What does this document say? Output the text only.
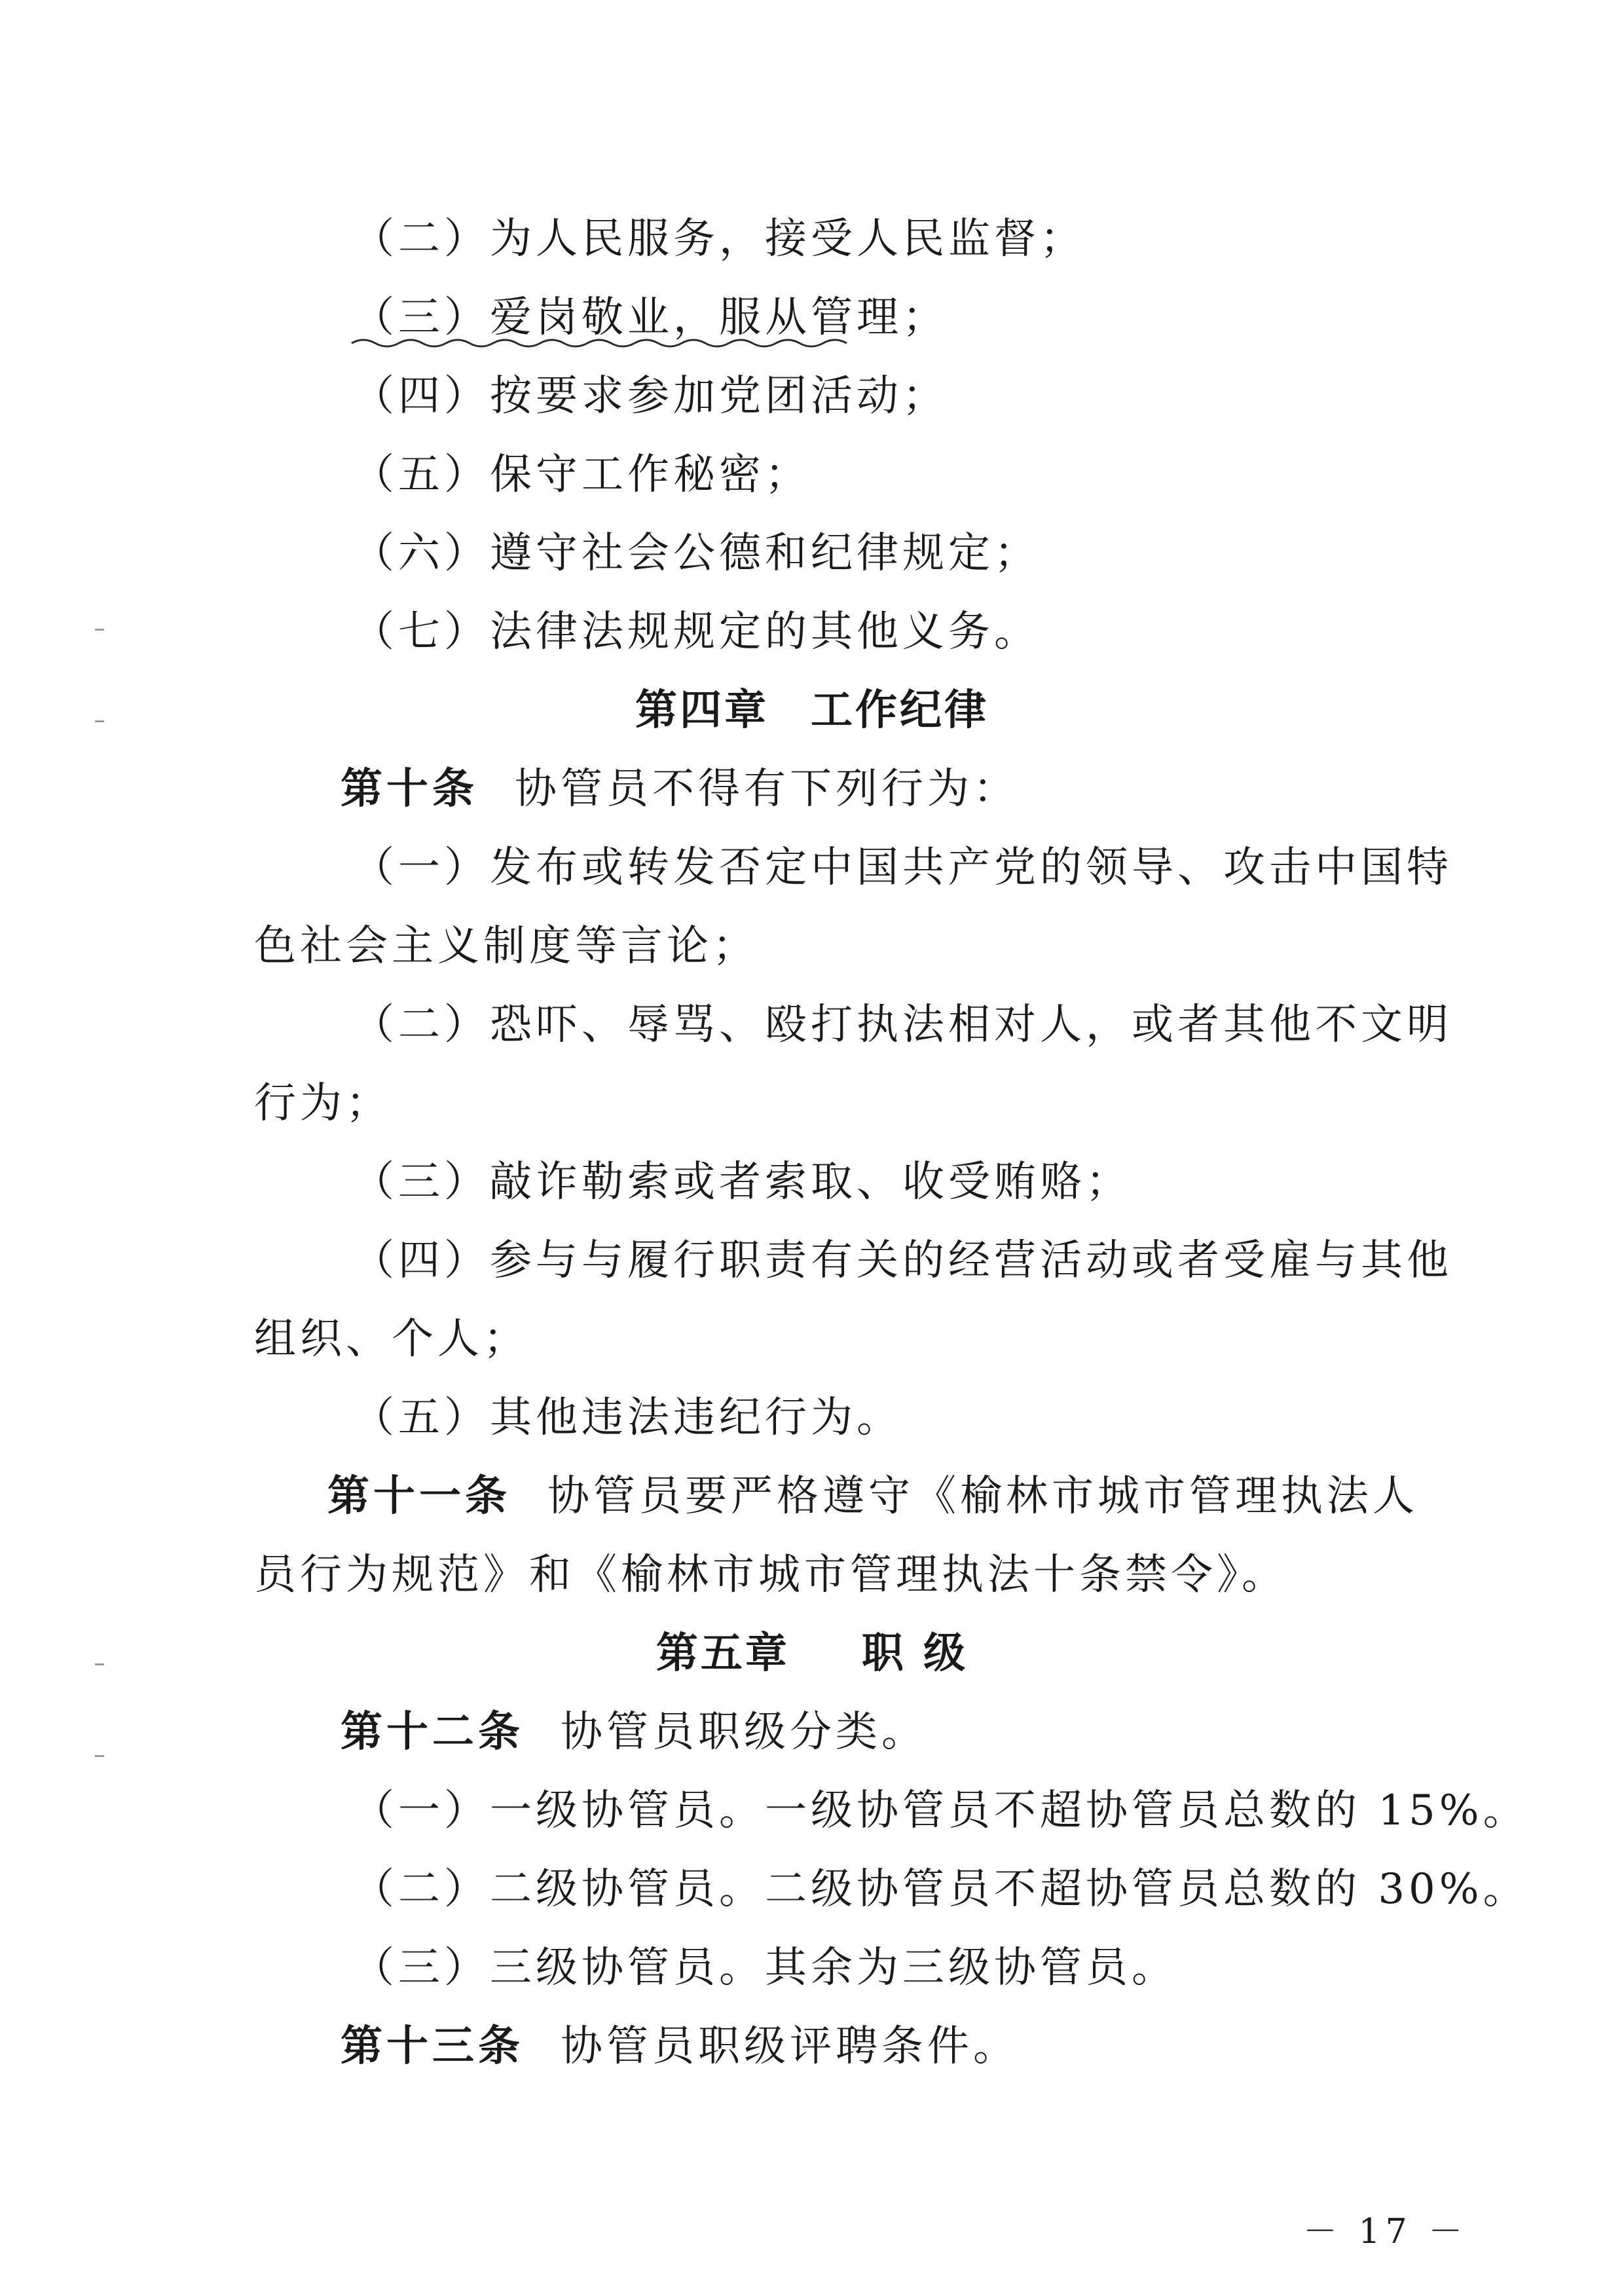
（二）为人民服务，接受人民监督；
（三）爱岗敬业，服从管理；
（四）按要求参加党团活动；
（五）保守工作秘密；
（六）遵守社会公德和纪律规定；
（七）法律法规规定的其他义务。
第四章 工作纪律
第十条 协管员不得有下列行为：
（一）发布或转发否定中国共产党的领导、攻击中国特
色社会主义制度等言论；
（二）恐吓、辱骂、殴打执法相对人，或者其他不文明
行为；
（三）敲诈勒索或者索取、收受贿赂；
（四）参与与履行职责有关的经营活动或者受雇与其他
组织、个人；
（五）其他违法违纪行为。
第十一条 协管员要严格遵守《榆林市城市管理执法人
员行为规范》和《榆林市城市管理执法十条禁令》。
第五章 职 级
第十二条 协管员职级分类。
（一）一级协管员。一级协管员不超协管员总数的 15%。
（二）二级协管员。二级协管员不超协管员总数的 30%。
（三）三级协管员。其余为三级协管员。
第十三条 协管员职级评聘条件。
－ 17 －
